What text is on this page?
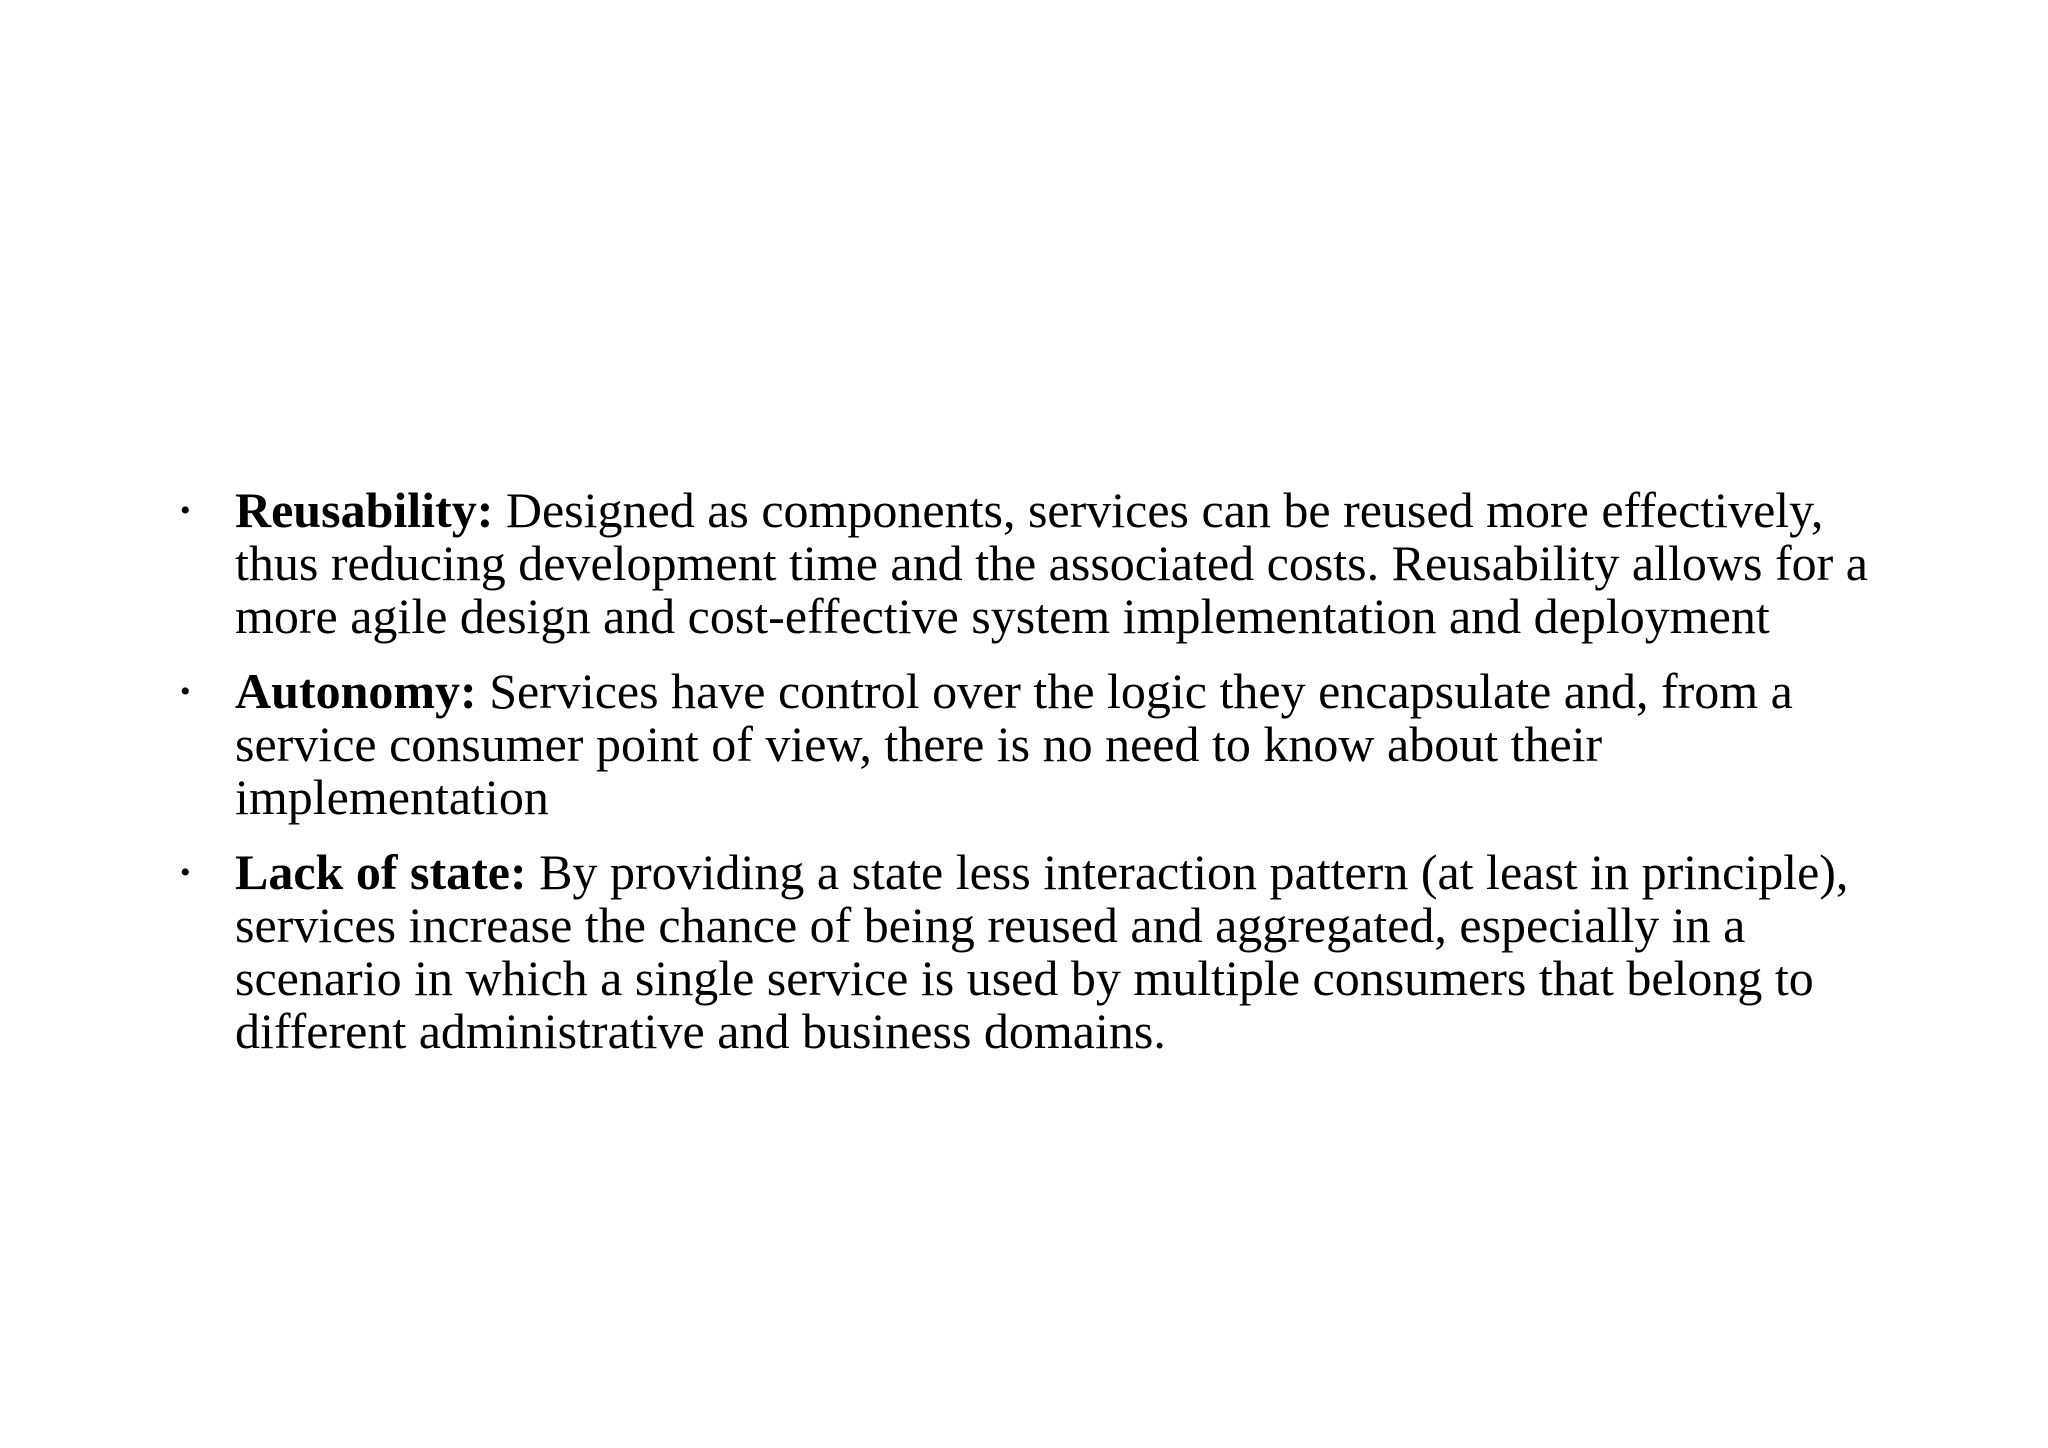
• Reusability: Designed as components, services can be reused more effectively, thus reducing development time and the associated costs. Reusability allows for a more agile design and cost-effective system implementation and deployment
• Autonomy: Services have control over the logic they encapsulate and, from a service consumer point of view, there is no need to know about their implementation
• Lack of state: By providing a state less interaction pattern (at least in principle), services increase the chance of being reused and aggregated, especially in a scenario in which a single service is used by multiple consumers that belong to different administrative and business domains.
